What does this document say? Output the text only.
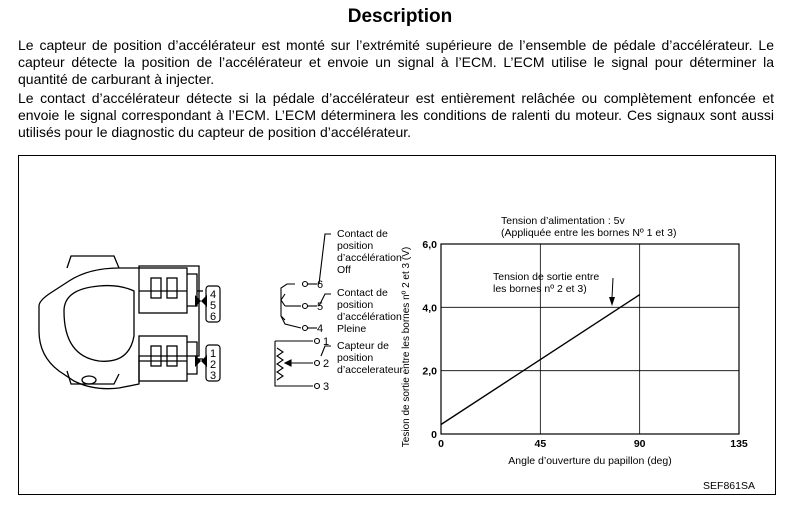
Description

Le capteur de position d’accélérateur est monté sur l’extrémité supérieure de l’ensemble de pédale d’accélérateur. Le capteur détecte la position de l’accélérateur et envoie un signal à l’ECM. L’ECM utilise le signal pour déterminer la quantité de carburant à injecter.

Le contact d’accélérateur détecte si la pédale d’accélérateur est entièrement relâchée ou complètement enfoncée et envoie le signal correspondant à l’ECM. L’ECM déterminera les conditions de ralenti du moteur. Ces signaux sont aussi utilisés pour le diagnostic du capteur de position d’accélérateur.

4
5
6
1
2
3
6
5
4
1
2
3
Contact de
position
d’accélération
Off
Contact de
position
d’accélération
Pleine
Capteur de
position
d’accelerateur
Tension d’alimentation : 5v
(Appliquée entre les bornes Nº 1 et 3)
0	45	90	135
0
2,0
4,0
6,0
Angle d’ouverture du papillon (deg)
Tesion de sortie entre les bornes nº 2 et 3 (V)	Tension de sortie entre
les bornes nº 2 et 3)
SEF861SA
